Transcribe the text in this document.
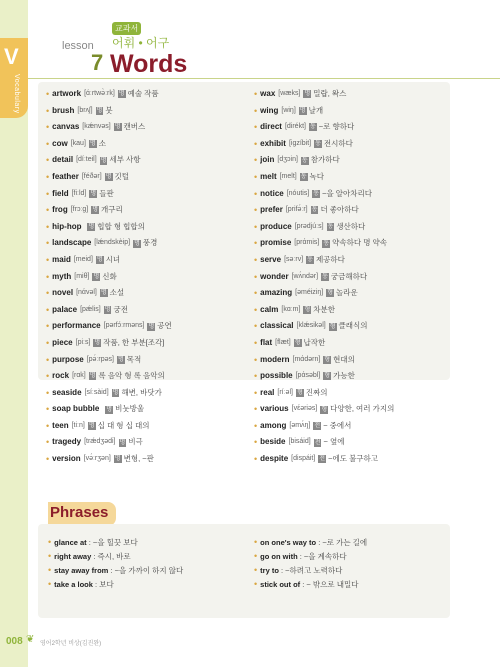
V
Vocabulary
lesson
7
교과서
어휘 • 어구
Words
• artwork [ɑ́ːrtwə̀ːrk] 명 예술 작품
• brush [brʌʃ] 명 붓
• canvas [kǽnvəs] 명 캔버스
• cow [kau] 명 소
• detail [díːteil] 명 세부 사항
• feather [féðər] 명 깃털
• field [fiːld] 명 들판
• frog [frɔːg] 명 개구리
• hip-hop 명 힙합 형 힙합의
• landscape [lǽndskèip] 명 풍경
• maid [meid] 명 시녀
• myth [miθ] 명 신화
• novel [nάvəl] 명 소설
• palace [pǽlis] 명 궁전
• performance [pərfɔ́ːrməns] 명 공연
• piece [piːs] 명 작품, 한 부분[조각]
• purpose [pə́ːrpəs] 명 목적
• rock [rɑk] 명 록 음악 형 록 음악의
• seaside [síːsàid] 명 해변, 바닷가
• soap bubble 명 비눗방울
• teen [tiːn] 명 십 대 형 십 대의
• tragedy [trǽdʒədi] 명 비극
• version [və́ːrʒən] 명 변형, ~판
• wax [wæks] 명 밀랍, 왁스
• wing [wiŋ] 명 날개
• direct [dirékt] 동 ~로 향하다
• exhibit [igzíbit] 동 전시하다
• join [dʒɔin] 동 참가하다
• melt [melt] 동 녹다
• notice [nóutis] 동 ~을 알아차리다
• prefer [prifə́ːr] 동 더 좋아하다
• produce [prədjúːs] 동 생산하다
• promise [prάmis] 동 약속하다 명 약속
• serve [səːrv] 동 제공하다
• wonder [wʌ́ndər] 동 궁금해하다
• amazing [əméiziŋ] 형 놀라운
• calm [kɑːm] 형 차분한
• classical [klǽsikəl] 형 클래식의
• flat [flæt] 형 납작한
• modern [mάdərn] 형 현대의
• possible [pάsəbl] 형 가능한
• real [ríːəl] 형 진짜의
• various [vέəriəs] 형 다양한, 여러 가지의
• among [əmʌ́ŋ] 전 ~ 중에서
• beside [bisáid] 전 ~ 옆에
• despite [dispáit] 전 ~에도 불구하고
Phrases
• glance at : ~을 힐끗 보다
• right away : 즉시, 바로
• stay away from : ~을 가까이 하지 않다
• take a look : 보다
• on one's way to : ~로 가는 길에
• go on with : ~을 계속하다
• try to : ~하려고 노력하다
• stick out of : ~ 밖으로 내밀다
008 ❦ 영어2학년 비상(김진완)
